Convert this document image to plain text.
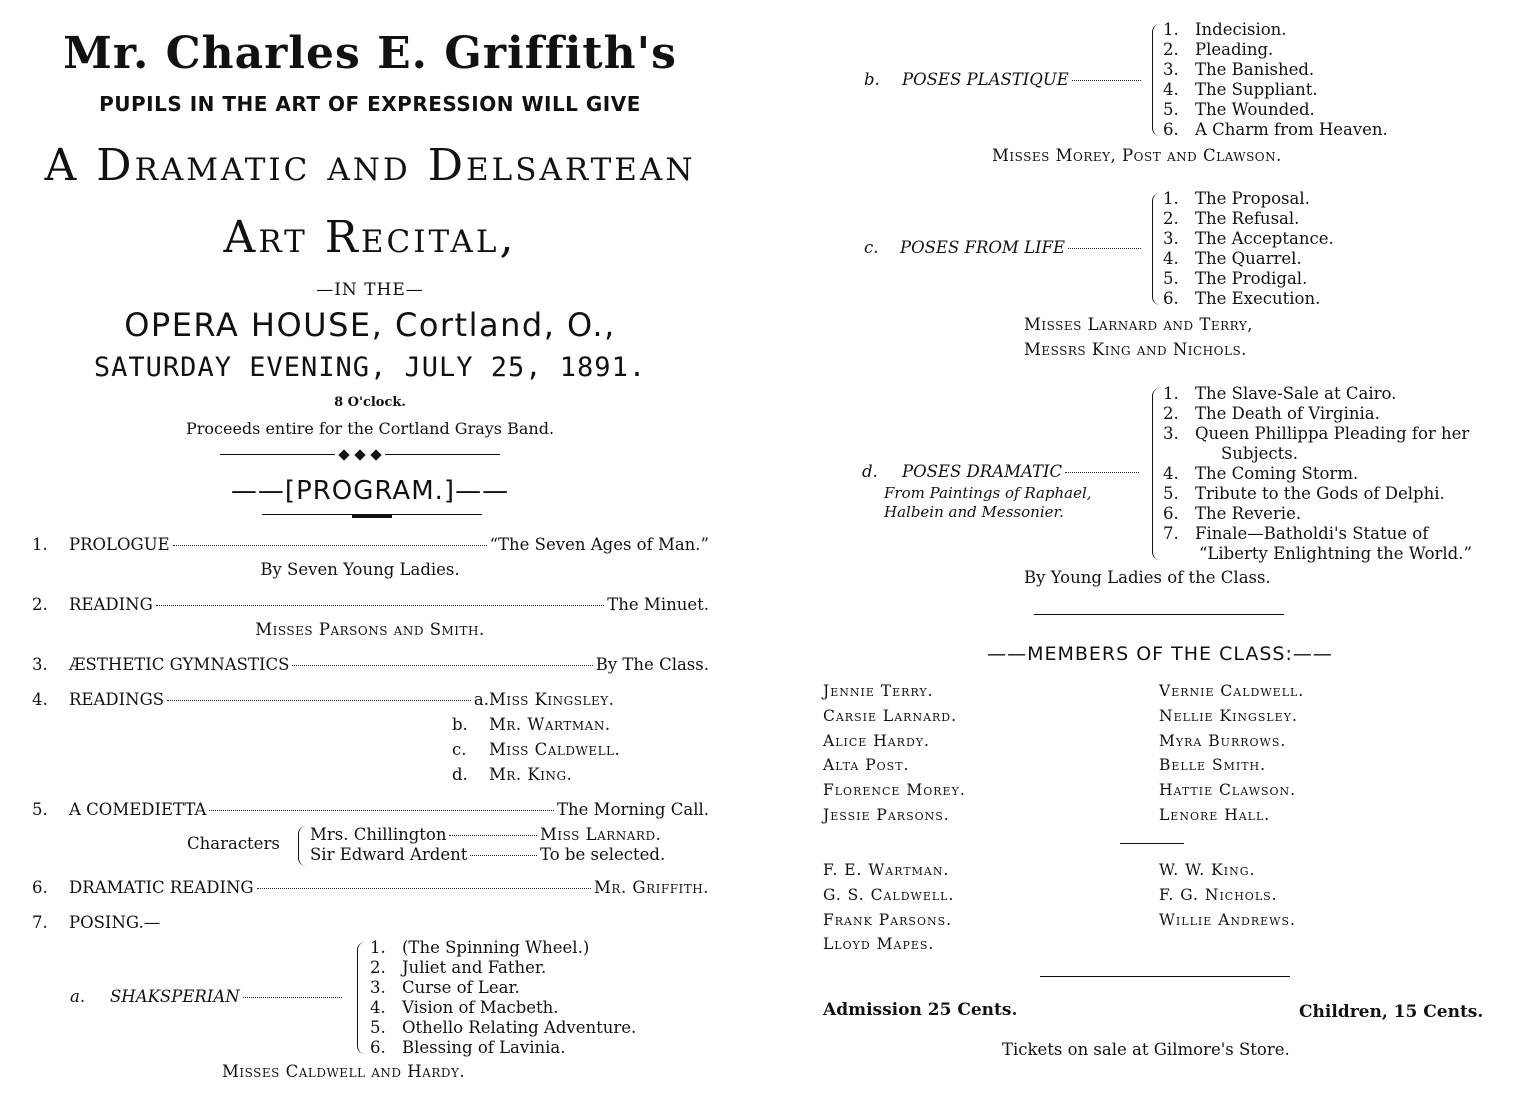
Mr. Charles E. Griffith's
PUPILS IN THE ART OF EXPRESSION WILL GIVE
A Dramatic and Delsartean
Art Recital,
—IN THE—
OPERA HOUSE, Cortland, O.,
SATURDAY EVENING, JULY 25, 1891.
8 O'clock.
Proceeds entire for the Cortland Grays Band.
——[PROGRAM.]——
1. PROLOGUE	“The Seven Ages of Man.”
By Seven Young Ladies.
2. READING	The Minuet.
Misses Parsons and Smith.
3. ÆSTHETIC GYMNASTICS	By The Class.
4. READINGS	a. Miss Kingsley.
b. Mr. Wartman.
c. Miss Caldwell.
d. Mr. King.
5. A COMEDIETTA	The Morning Call.
Characters Mrs. Chillington	Miss Larnard.
Sir Edward Ardent	To be selected.
6. DRAMATIC READING	Mr. Griffith.
7. POSING.—
a. SHAKSPERIAN
1. (The Spinning Wheel.)
2. Juliet and Father.
3. Curse of Lear.
4. Vision of Macbeth.
5. Othello Relating Adventure.
6. Blessing of Lavinia.
Misses Caldwell and Hardy.
b. POSES PLASTIQUE
1. Indecision.
2. Pleading.
3. The Banished.
4. The Suppliant.
5. The Wounded.
6. A Charm from Heaven.
Misses Morey, Post and Clawson.
c. POSES FROM LIFE
1. The Proposal.
2. The Refusal.
3. The Acceptance.
4. The Quarrel.
5. The Prodigal.
6. The Execution.
Misses Larnard and Terry,
Messrs King and Nichols.
d. POSES DRAMATIC
From Paintings of Raphael,
Halbein and Messonier.
1. The Slave-Sale at Cairo.
2. The Death of Virginia.
3. Queen Phillippa Pleading for her
Subjects.
4. The Coming Storm.
5. Tribute to the Gods of Delphi.
6. The Reverie.
7. Finale—Batholdi's Statue of
“Liberty Enlightning the World.”
By Young Ladies of the Class.
——MEMBERS OF THE CLASS:——
Jennie Terry.
Carsie Larnard.
Alice Hardy.
Alta Post.
Florence Morey.
Jessie Parsons.
Vernie Caldwell.
Nellie Kingsley.
Myra Burrows.
Belle Smith.
Hattie Clawson.
Lenore Hall.
F. E. Wartman.
G. S. Caldwell.
Frank Parsons.
Lloyd Mapes.
W. W. King.
F. G. Nichols.
Willie Andrews.
Admission 25 Cents.	Children, 15 Cents.
Tickets on sale at Gilmore's Store.
